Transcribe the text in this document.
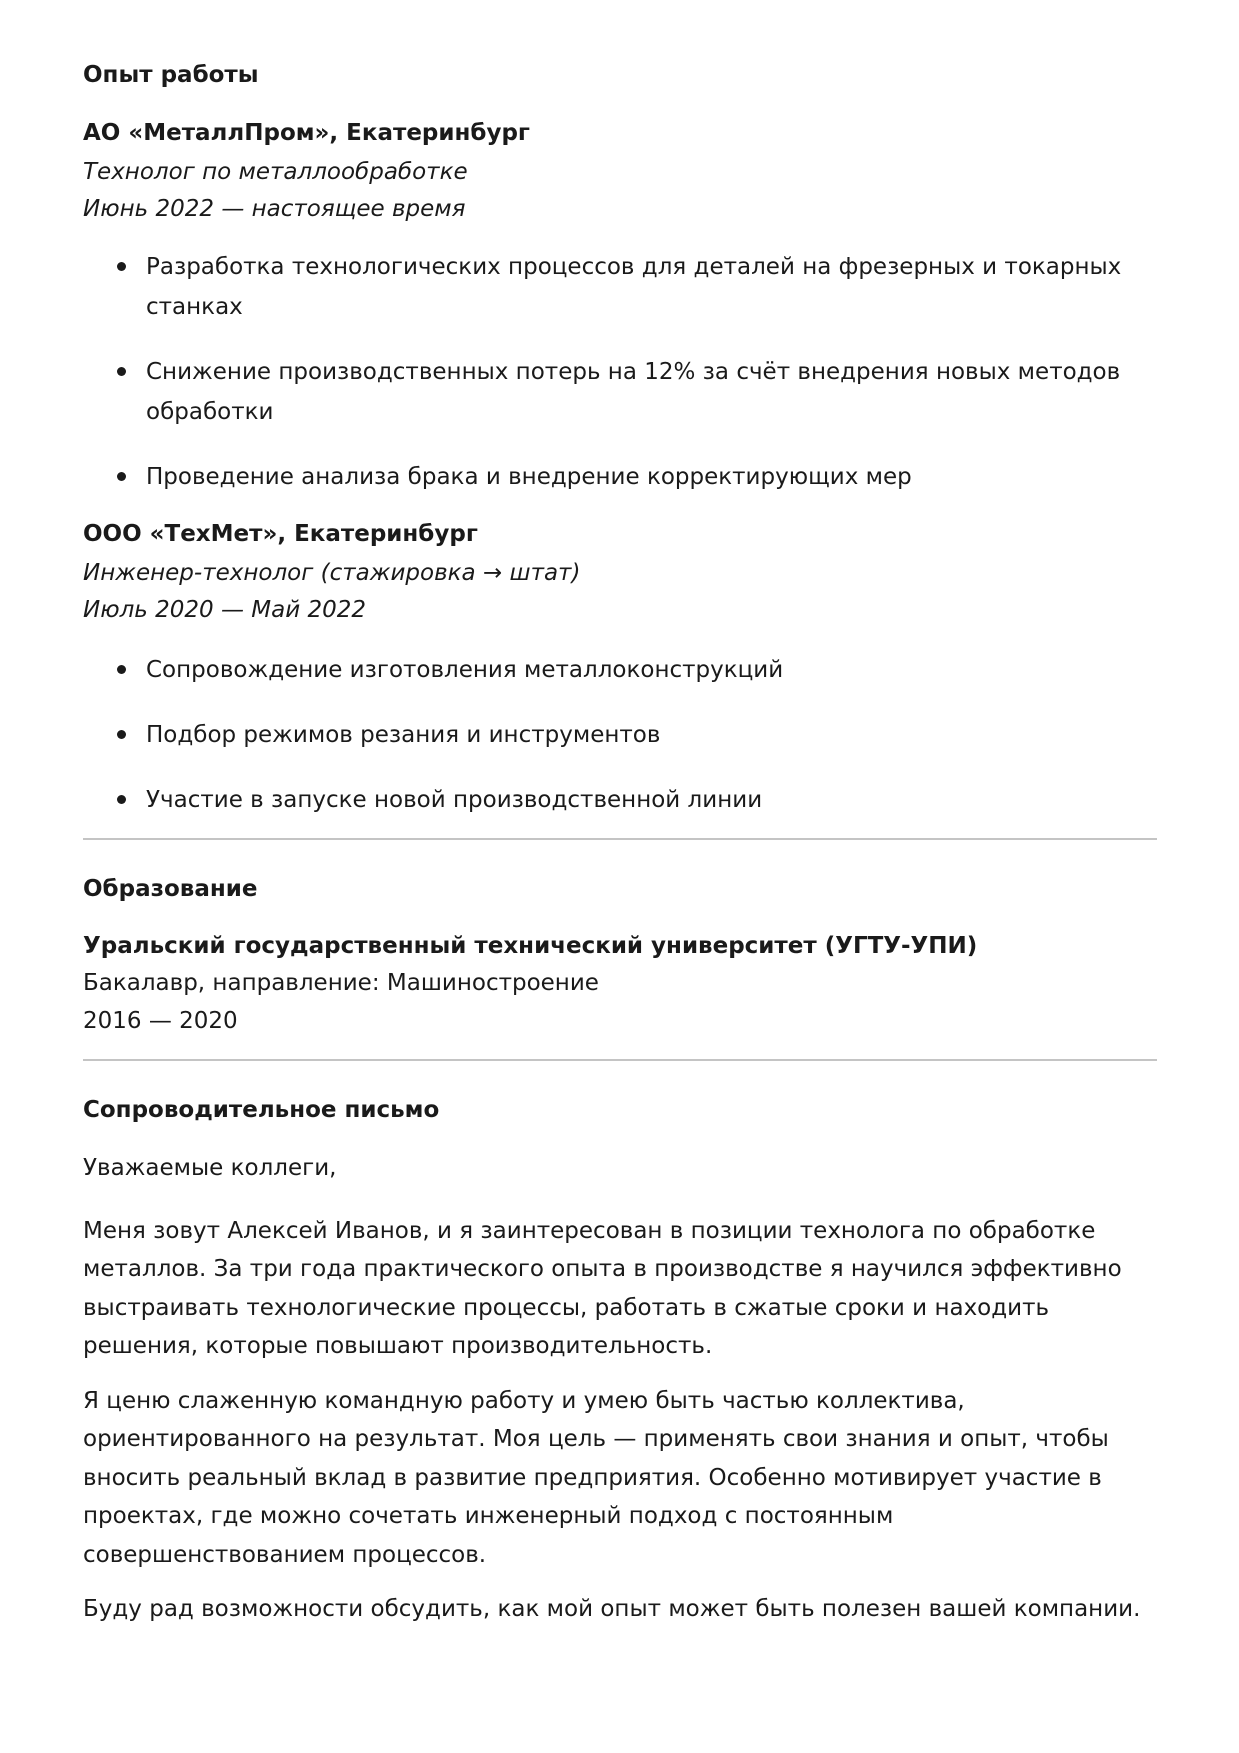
Опыт работы
АО «МеталлПром», Екатеринбург
Технолог по металлообработке
Июнь 2022 — настоящее время
Разработка технологических процессов для деталей на фрезерных и токарных станках
Снижение производственных потерь на 12% за счёт внедрения новых методов обработки
Проведение анализа брака и внедрение корректирующих мер
ООО «ТехМет», Екатеринбург
Инженер-технолог (стажировка → штат)
Июль 2020 — Май 2022
Сопровождение изготовления металлоконструкций
Подбор режимов резания и инструментов
Участие в запуске новой производственной линии
Образование
Уральский государственный технический университет (УГТУ-УПИ)
Бакалавр, направление: Машиностроение
2016 — 2020
Сопроводительное письмо

Уважаемые коллеги,

Меня зовут Алексей Иванов, и я заинтересован в позиции технолога по обработке металлов. За три года практического опыта в производстве я научился эффективно выстраивать технологические процессы, работать в сжатые сроки и находить решения, которые повышают производительность.

Я ценю слаженную командную работу и умею быть частью коллектива, ориентированного на результат. Моя цель — применять свои знания и опыт, чтобы вносить реальный вклад в развитие предприятия. Особенно мотивирует участие в проектах, где можно сочетать инженерный подход с постоянным совершенствованием процессов.

Буду рад возможности обсудить, как мой опыт может быть полезен вашей компании.
